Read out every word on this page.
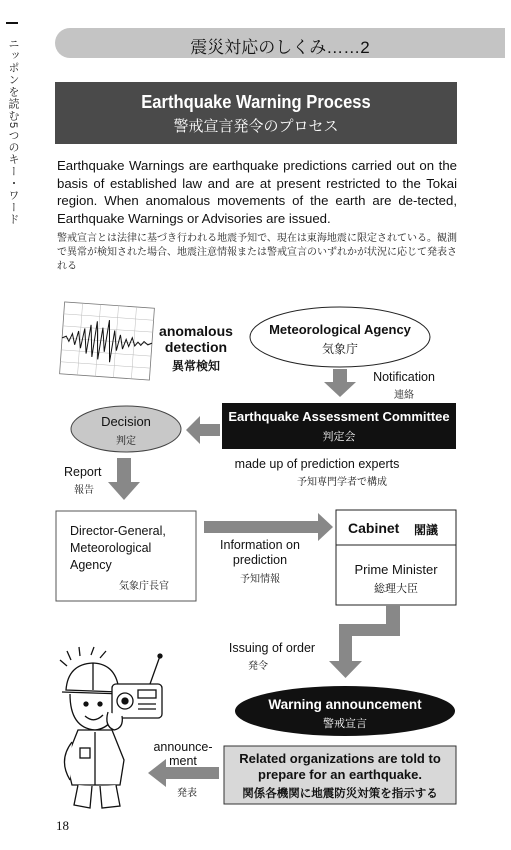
ニッポンを読む5つのキー・ワード	震災対応のしくみ……2
Earthquake Warning Process
警戒宣言発令のプロセス
Earthquake Warnings are earthquake predictions carried out on the basis of established law and are at present restricted to the Tokai region. When anomalous movements of the earth are de-tected, Earthquake Warnings or Advisories are issued.
警戒宣言とは法律に基づき行われる地震予知で、現在は東海地震に限定されている。観測で異常が検知された場合、地震注意情報または警戒宣言のいずれかが状況に応じて発表される
anomalous
detection
異常検知
Meteorological Agency
気象庁
Notification
連絡
Earthquake Assessment Committee
判定会
Decision
判定
made up of prediction experts
予知専門学者で構成
Report
報告
Director-General,
Meteorological
Agency
気象庁長官
Information on
prediction
予知情報
Cabinet	閣議
Prime Minister
総理大臣
Issuing of order
発令
Warning announcement
警戒宣言
announce-
ment
発表
Related organizations are told to
prepare for an earthquake.
関係各機関に地震防災対策を指示する
18
